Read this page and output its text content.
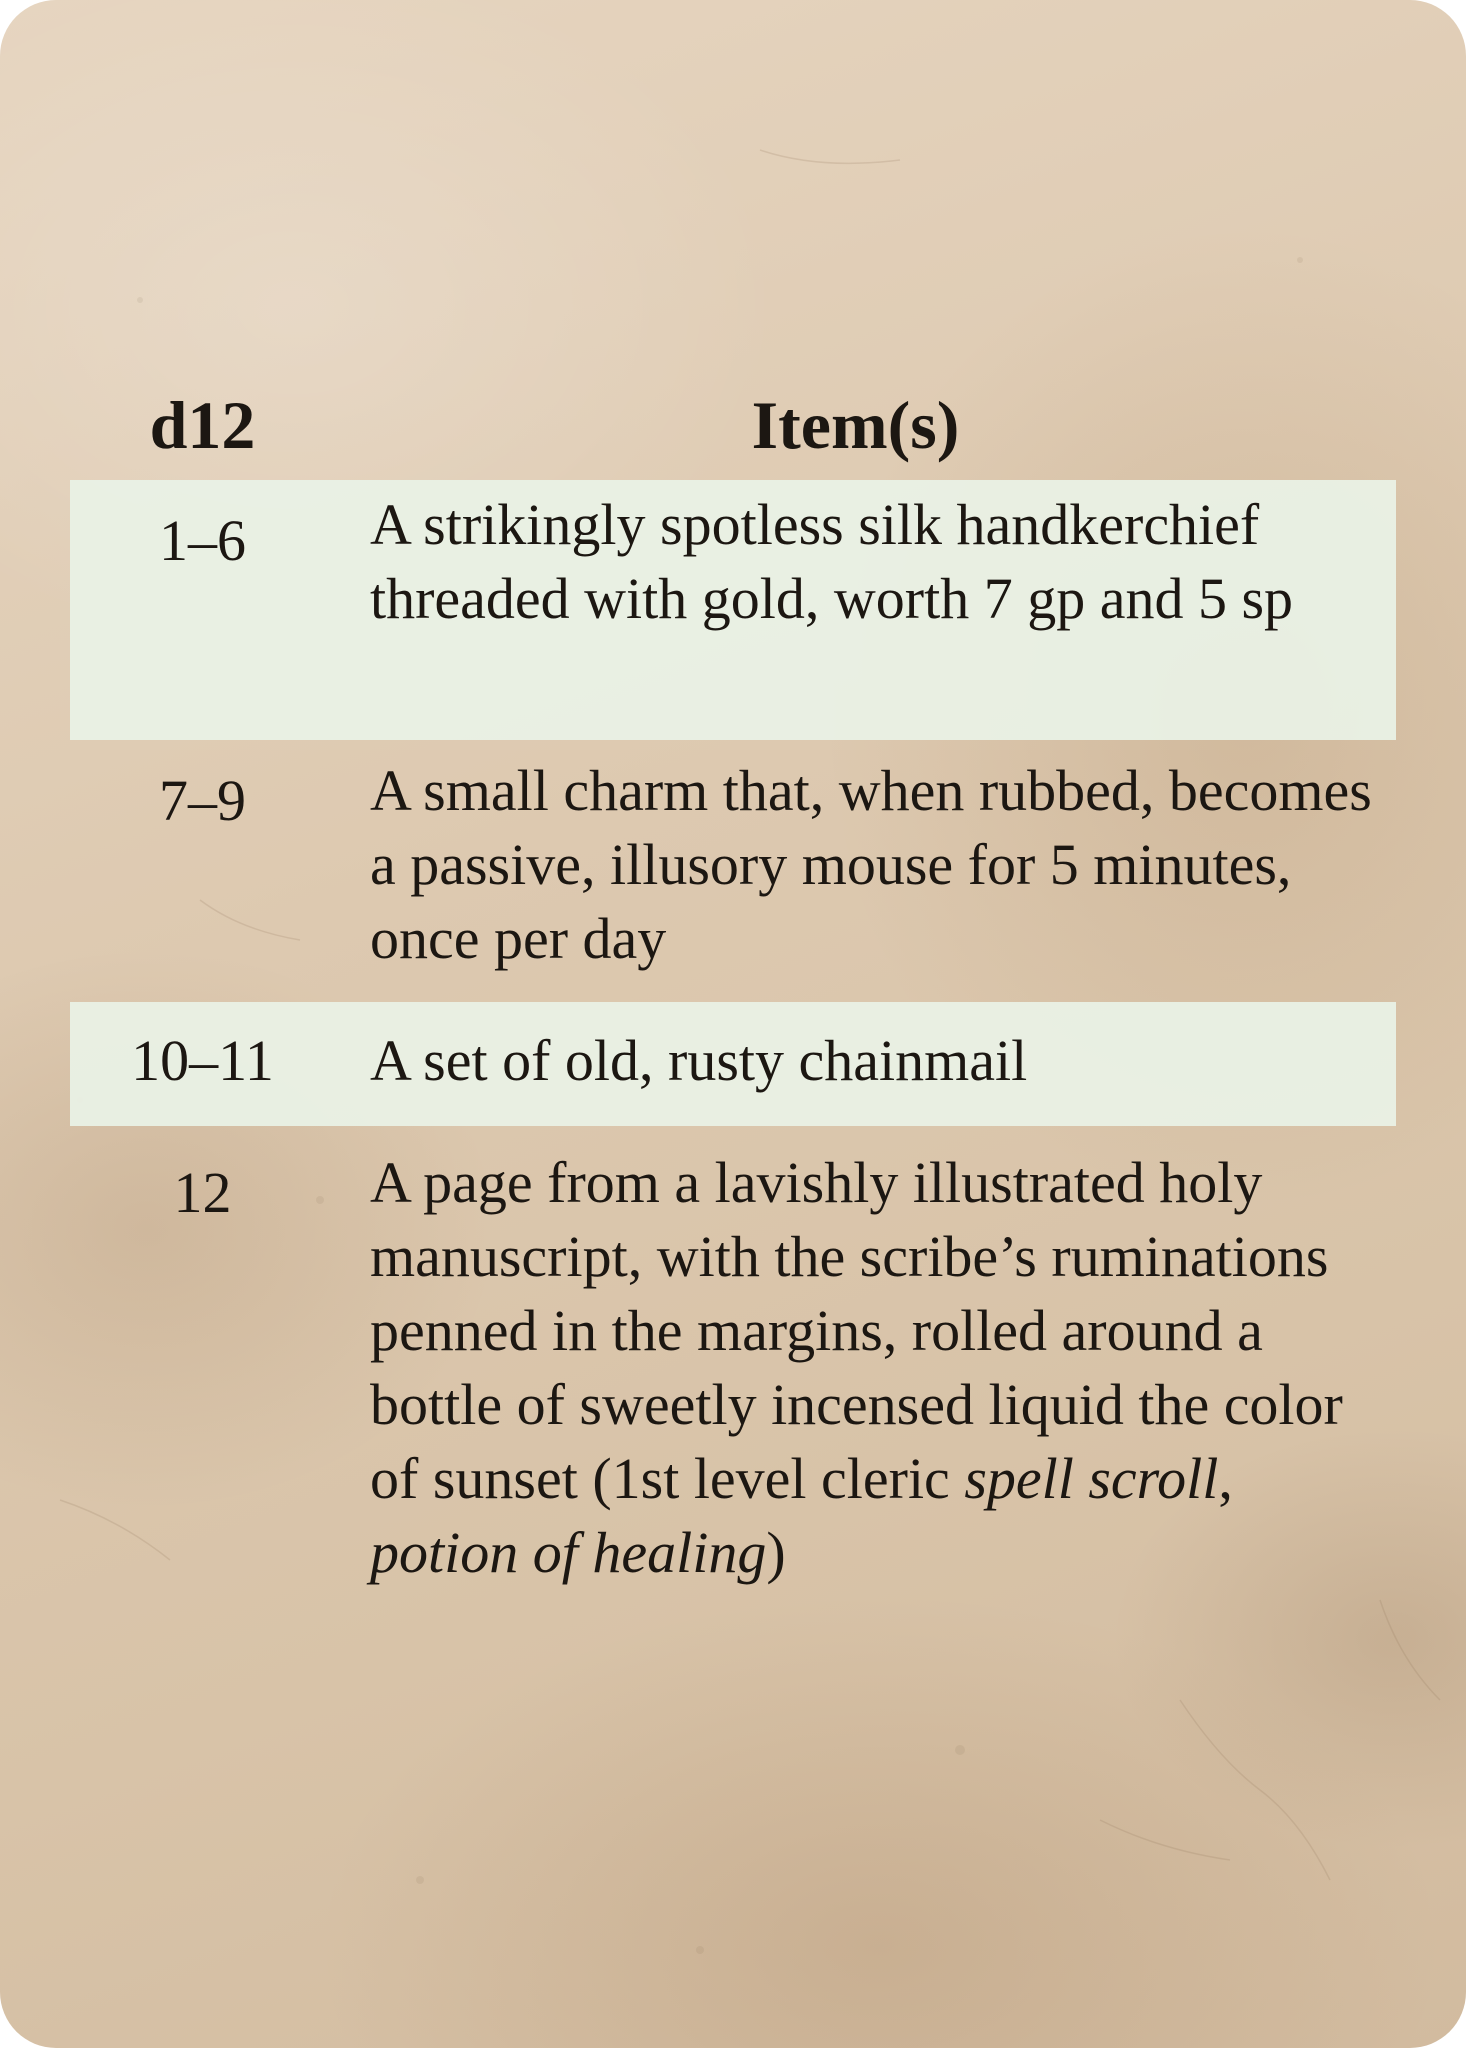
d12	Item(s)
1–6	A strikingly spotless silk handkerchief threaded with gold, worth 7 gp and 5 sp
7–9	A small charm that, when rubbed, becomes a passive, illusory mouse for 5 minutes, once per day
10–11	A set of old, rusty chainmail
12	A page from a lavishly illustrated holy manuscript, with the scribe’s ruminations penned in the margins, rolled around a bottle of sweetly incensed liquid the color of sunset (1st level cleric spell scroll, potion of healing)
